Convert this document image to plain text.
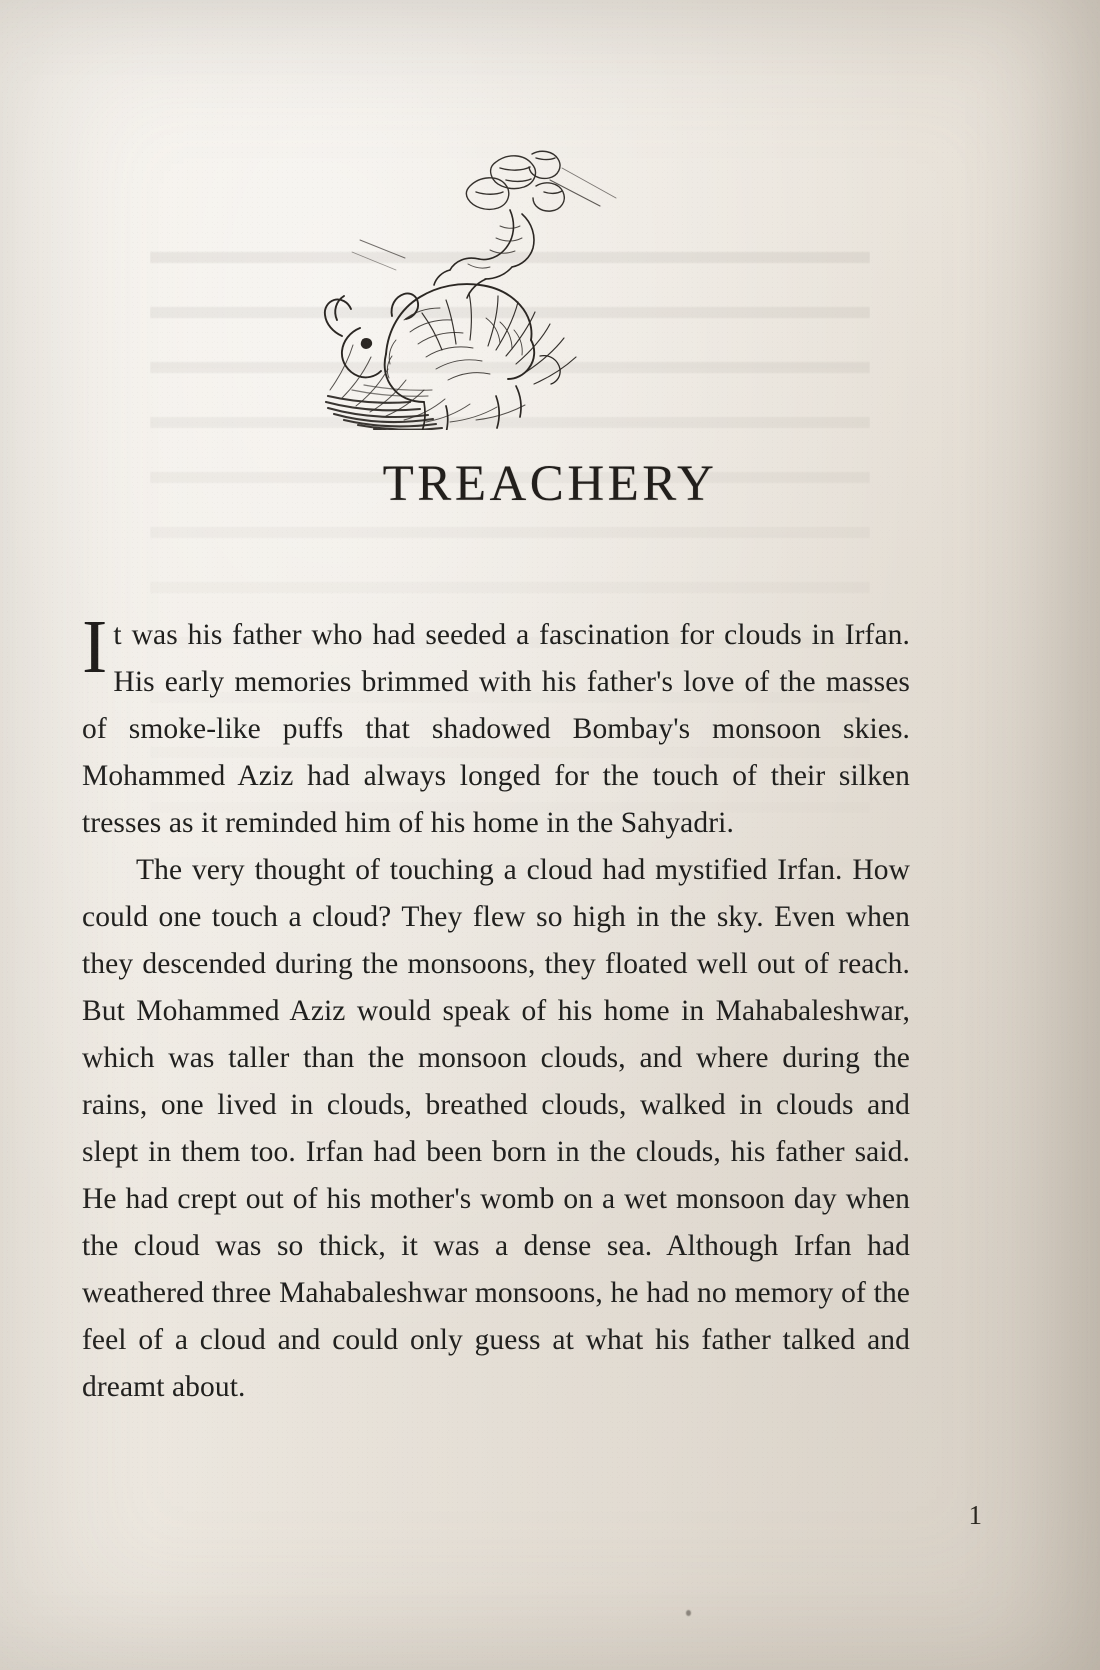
TREACHERY

It was his father who had seeded a fascination for clouds in Irfan. His early memories brimmed with his father's love of the masses of smoke-like puffs that shadowed Bombay's monsoon skies. Mohammed Aziz had always longed for the touch of their silken tresses as it reminded him of his home in the Sahyadri.

The very thought of touching a cloud had mystified Irfan. How could one touch a cloud? They flew so high in the sky. Even when they descended during the monsoons, they floated well out of reach. But Mohammed Aziz would speak of his home in Mahabaleshwar, which was taller than the monsoon clouds, and where during the rains, one lived in clouds, breathed clouds, walked in clouds and slept in them too. Irfan had been born in the clouds, his father said. He had crept out of his mother's womb on a wet monsoon day when the cloud was so thick, it was a dense sea. Although Irfan had weathered three Mahabaleshwar monsoons, he had no memory of the feel of a cloud and could only guess at what his father talked and dreamt about.

1
